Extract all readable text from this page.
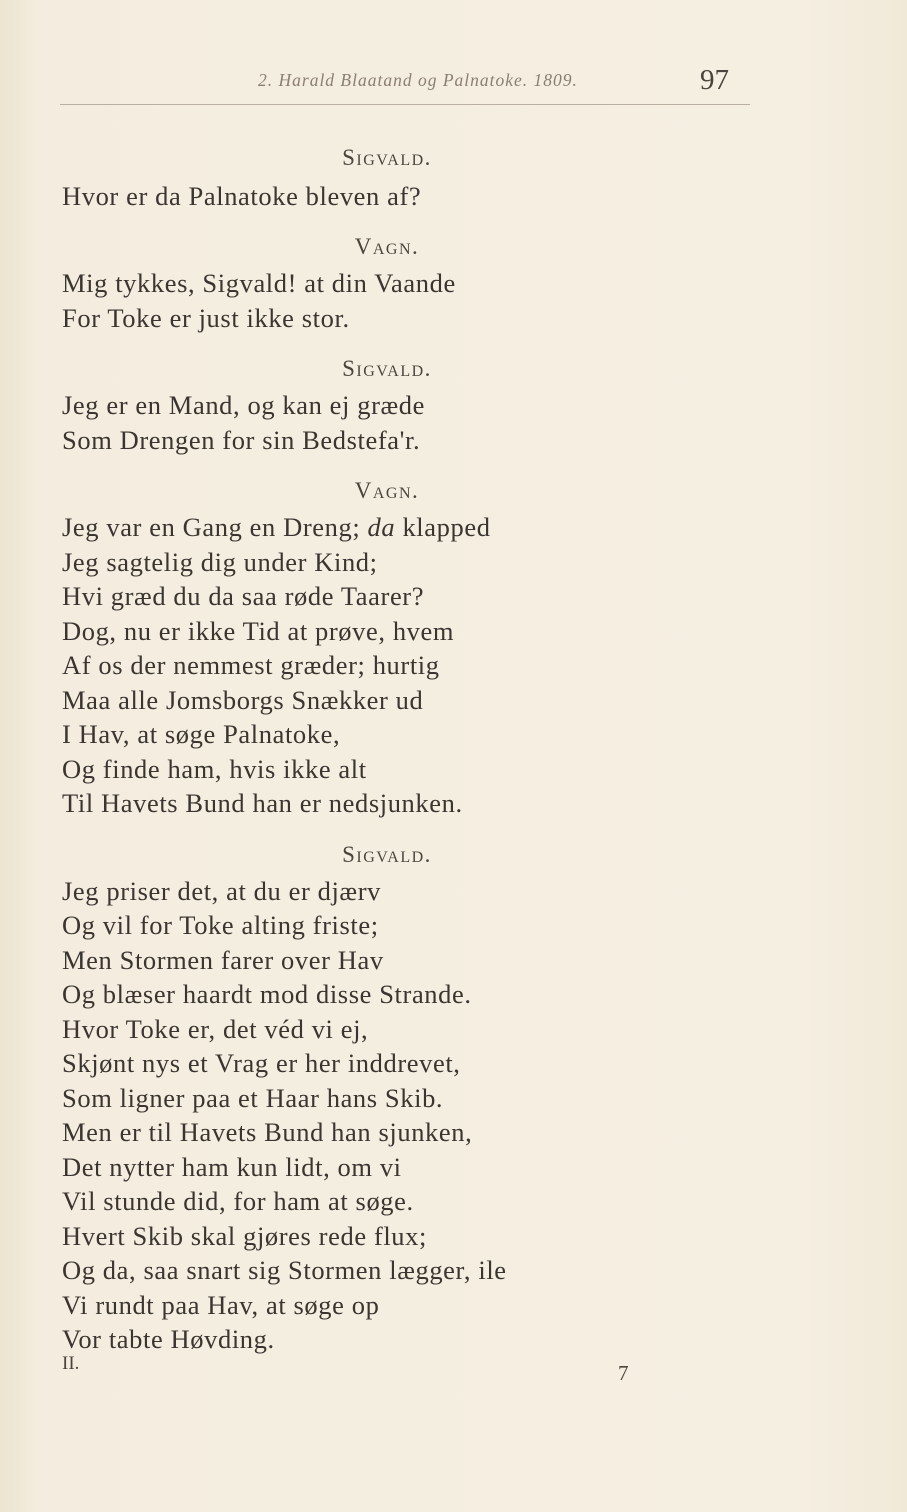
2. Harald Blaatand og Palnatoke. 1809.	97
Sigvald.
Hvor er da Palnatoke bleven af?
Vagn.
Mig tykkes, Sigvald! at din Vaande
For Toke er just ikke stor.
Sigvald.
Jeg er en Mand, og kan ej græde
Som Drengen for sin Bedstefa'r.
Vagn.
Jeg var en Gang en Dreng; da klapped
Jeg sagtelig dig under Kind;
Hvi græd du da saa røde Taarer?
Dog, nu er ikke Tid at prøve, hvem
Af os der nemmest græder; hurtig
Maa alle Jomsborgs Snækker ud
I Hav, at søge Palnatoke,
Og finde ham, hvis ikke alt
Til Havets Bund han er nedsjunken.
Sigvald.
Jeg priser det, at du er djærv
Og vil for Toke alting friste;
Men Stormen farer over Hav
Og blæser haardt mod disse Strande.
Hvor Toke er, det véd vi ej,
Skjønt nys et Vrag er her inddrevet,
Som ligner paa et Haar hans Skib.
Men er til Havets Bund han sjunken,
Det nytter ham kun lidt, om vi
Vil stunde did, for ham at søge.
Hvert Skib skal gjøres rede flux;
Og da, saa snart sig Stormen lægger, ile
Vi rundt paa Hav, at søge op
Vor tabte Høvding.
II.	7
